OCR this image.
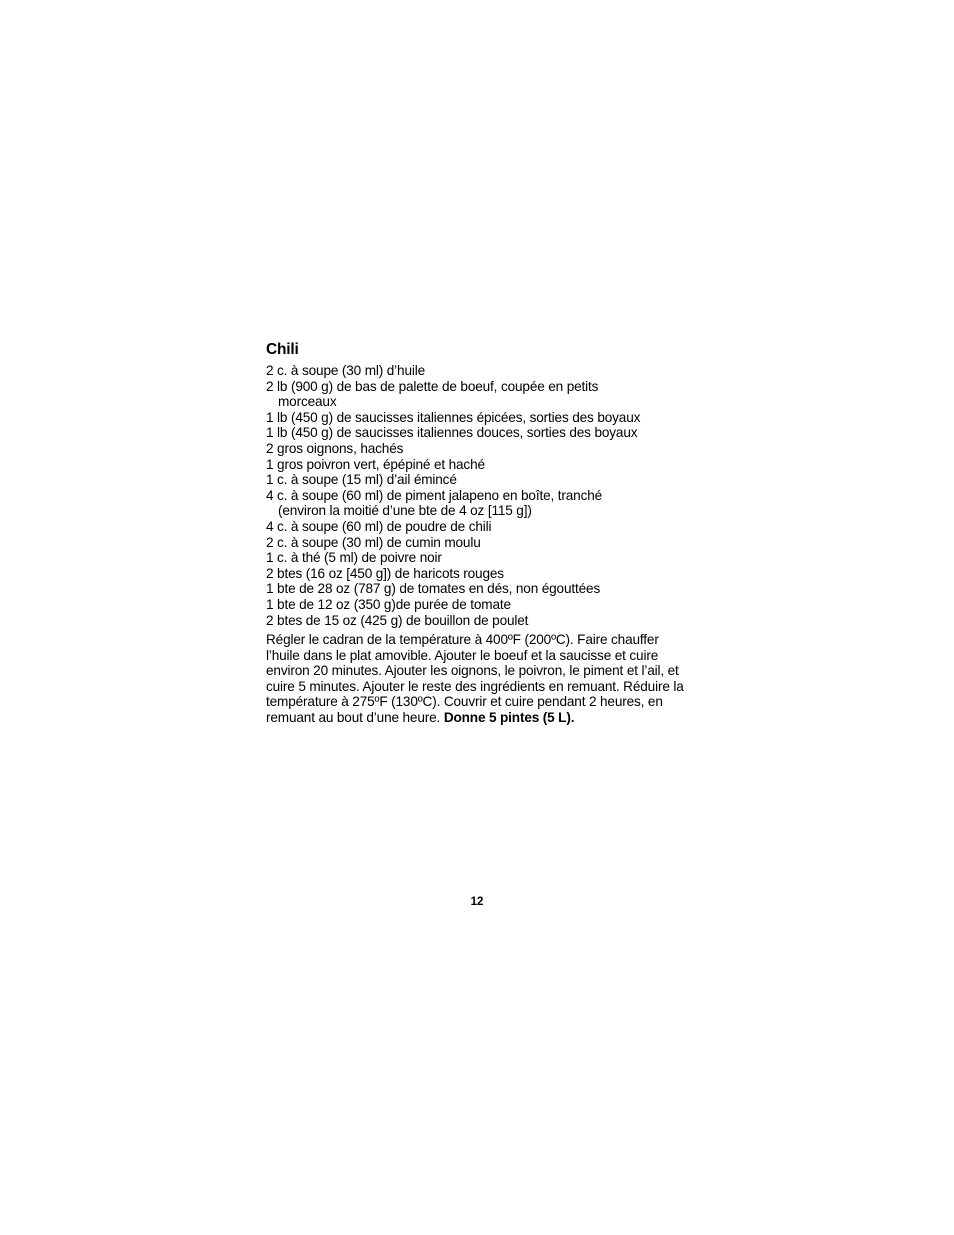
Chili
2 c. à soupe (30 ml) d’huile
2 lb (900 g) de bas de palette de boeuf, coupée en petits morceaux
1 lb (450 g) de saucisses italiennes épicées, sorties des boyaux
1 lb (450 g) de saucisses italiennes douces, sorties des boyaux
2 gros oignons, hachés
1 gros poivron vert, épépiné et haché
1 c. à soupe (15 ml) d’ail émincé
4 c. à soupe (60 ml) de piment jalapeno en boîte, tranché (environ la moitié d’une bte de 4 oz [115 g])
4 c. à soupe (60 ml) de poudre de chili
2 c. à soupe (30 ml) de cumin moulu
1 c. à thé (5 ml) de poivre noir
2 btes (16 oz [450 g]) de haricots rouges
1 bte de 28 oz (787 g) de tomates en dés, non égouttées
1 bte de 12 oz (350 g)de purée de tomate
2 btes de 15 oz (425 g) de bouillon de poulet

Régler le cadran de la température à 400ºF (200ºC). Faire chauffer l’huile dans le plat amovible. Ajouter le boeuf et la saucisse et cuire environ 20 minutes. Ajouter les oignons, le poivron, le piment et l’ail, et cuire 5 minutes. Ajouter le reste des ingrédients en remuant. Réduire la température à 275ºF (130ºC). Couvrir et cuire pendant 2 heures, en remuant au bout d’une heure. Donne 5 pintes (5 L).

12
